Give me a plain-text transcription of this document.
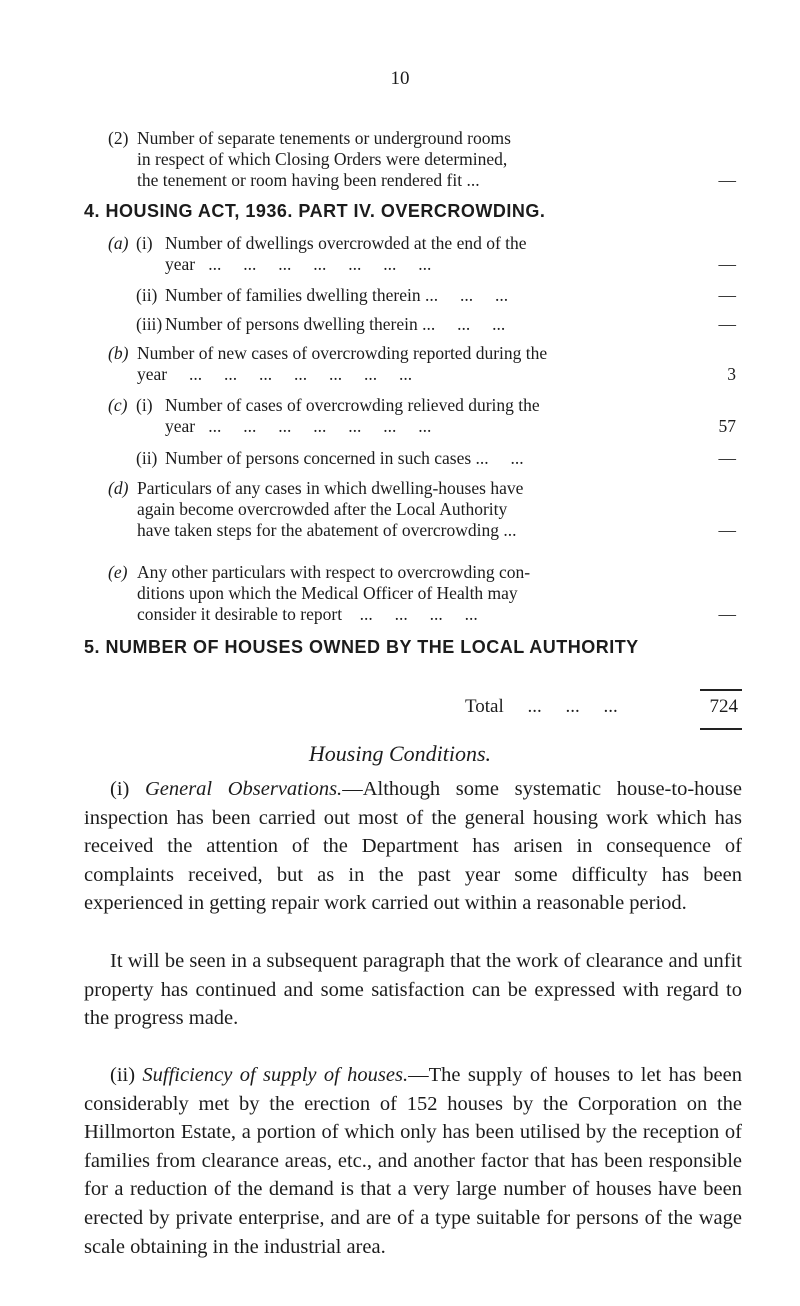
10
(2) Number of separate tenements or underground rooms
in respect of which Closing Orders were determined,
the tenement or room having been rendered fit ...	—
4. HOUSING ACT, 1936. PART IV. OVERCROWDING.
(a) (i) Number of dwellings overcrowded at the end of the
year   ...     ...     ...     ...     ...     ...     ...	—
(ii) Number of families dwelling therein ...     ...     ...	—
(iii) Number of persons dwelling therein ...     ...     ...	—
(b) Number of new cases of overcrowding reported during the
year     ...     ...     ...     ...     ...     ...     ...	3
(c) (i) Number of cases of overcrowding relieved during the
year   ...     ...     ...     ...     ...     ...     ...	57
(ii) Number of persons concerned in such cases ...     ...	—
(d) Particulars of any cases in which dwelling-houses have
again become overcrowded after the Local Authority
have taken steps for the abatement of overcrowding ...	—
(e) Any other particulars with respect to overcrowding con-
ditions upon which the Medical Officer of Health may
consider it desirable to report    ...     ...     ...     ...	—
5. NUMBER OF HOUSES OWNED BY THE LOCAL AUTHORITY
Total     ...     ...     ...	724
Housing Conditions.
(i) General Observations.—Although some systematic house-to-house inspection has been carried out most of the general housing work which has received the attention of the Department has arisen in consequence of complaints received, but as in the past year some difficulty has been experienced in getting repair work carried out within a reasonable period.
It will be seen in a subsequent paragraph that the work of clearance and unfit property has continued and some satisfaction can be expressed with regard to the progress made.
(ii) Sufficiency of supply of houses.—The supply of houses to let has been considerably met by the erection of 152 houses by the Corporation on the Hillmorton Estate, a portion of which only has been utilised by the reception of families from clearance areas, etc., and another factor that has been responsible for a reduction of the demand is that a very large number of houses have been erected by private enterprise, and are of a type suitable for persons of the wage scale obtaining in the industrial area.
